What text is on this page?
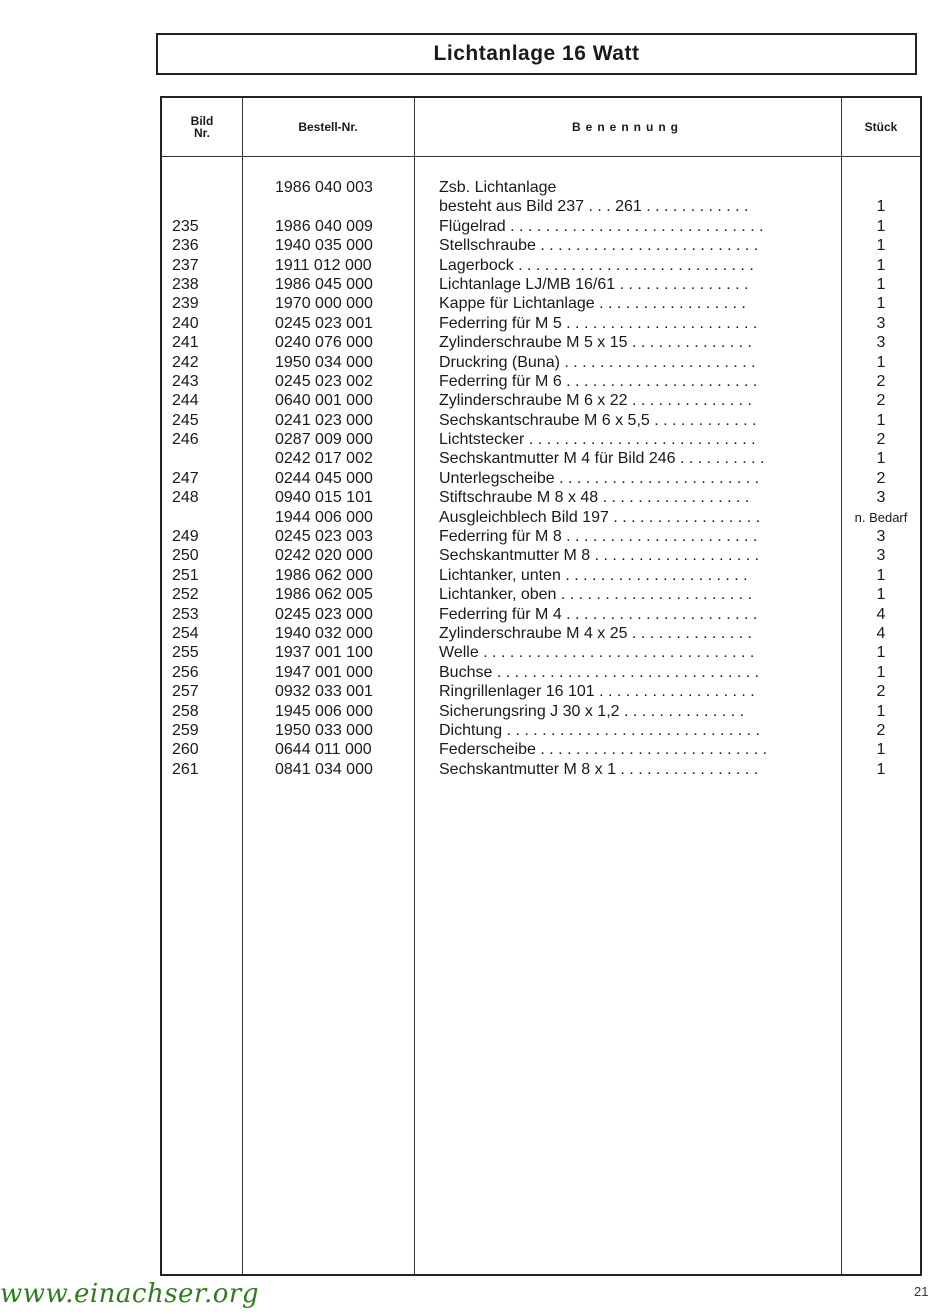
Lichtanlage 16 Watt
Bild
Nr.	Bestell-Nr.	Benennung	Stück
1986 040 003	Zsb. Lichtanlage
besteht aus Bild 237 . . . 261 . . . . . . . . . . . .	1
235	1986 040 009	Flügelrad . . . . . . . . . . . . . . . . . . . . . . . . . . . . .	1
236	1940 035 000	Stellschraube . . . . . . . . . . . . . . . . . . . . . . . . .	1
237	1911 012 000	Lagerbock . . . . . . . . . . . . . . . . . . . . . . . . . . .	1
238	1986 045 000	Lichtanlage LJ/MB 16/61 . . . . . . . . . . . . . . .	1
239	1970 000 000	Kappe für Lichtanlage . . . . . . . . . . . . . . . . .	1
240	0245 023 001	Federring für M 5 . . . . . . . . . . . . . . . . . . . . . .	3
241	0240 076 000	Zylinderschraube M 5 x 15 . . . . . . . . . . . . . .	3
242	1950 034 000	Druckring (Buna) . . . . . . . . . . . . . . . . . . . . . .	1
243	0245 023 002	Federring für M 6 . . . . . . . . . . . . . . . . . . . . . .	2
244	0640 001 000	Zylinderschraube M 6 x 22 . . . . . . . . . . . . . .	2
245	0241 023 000	Sechskantschraube M 6 x 5,5 . . . . . . . . . . . .	1
246	0287 009 000	Lichtstecker . . . . . . . . . . . . . . . . . . . . . . . . . .	2
0242 017 002	Sechskantmutter M 4 für Bild 246 . . . . . . . . . .	1
247	0244 045 000	Unterlegscheibe . . . . . . . . . . . . . . . . . . . . . . .	2
248	0940 015 101	Stiftschraube M 8 x 48 . . . . . . . . . . . . . . . . .	3
1944 006 000	Ausgleichblech Bild 197 . . . . . . . . . . . . . . . . .	n. Bedarf
249	0245 023 003	Federring für M 8 . . . . . . . . . . . . . . . . . . . . . .	3
250	0242 020 000	Sechskantmutter M 8 . . . . . . . . . . . . . . . . . . .	3
251	1986 062 000	Lichtanker, unten . . . . . . . . . . . . . . . . . . . . .	1
252	1986 062 005	Lichtanker, oben . . . . . . . . . . . . . . . . . . . . . .	1
253	0245 023 000	Federring für M 4 . . . . . . . . . . . . . . . . . . . . . .	4
254	1940 032 000	Zylinderschraube M 4 x 25 . . . . . . . . . . . . . .	4
255	1937 001 100	Welle . . . . . . . . . . . . . . . . . . . . . . . . . . . . . . .	1
256	1947 001 000	Buchse . . . . . . . . . . . . . . . . . . . . . . . . . . . . . .	1
257	0932 033 001	Ringrillenlager 16 101 . . . . . . . . . . . . . . . . . .	2
258	1945 006 000	Sicherungsring J 30 x 1,2 . . . . . . . . . . . . . .	1
259	1950 033 000	Dichtung . . . . . . . . . . . . . . . . . . . . . . . . . . . . .	2
260	0644 011 000	Federscheibe . . . . . . . . . . . . . . . . . . . . . . . . . .	1
261	0841 034 000	Sechskantmutter M 8 x 1 . . . . . . . . . . . . . . . .	1
www.einachser.org	21
